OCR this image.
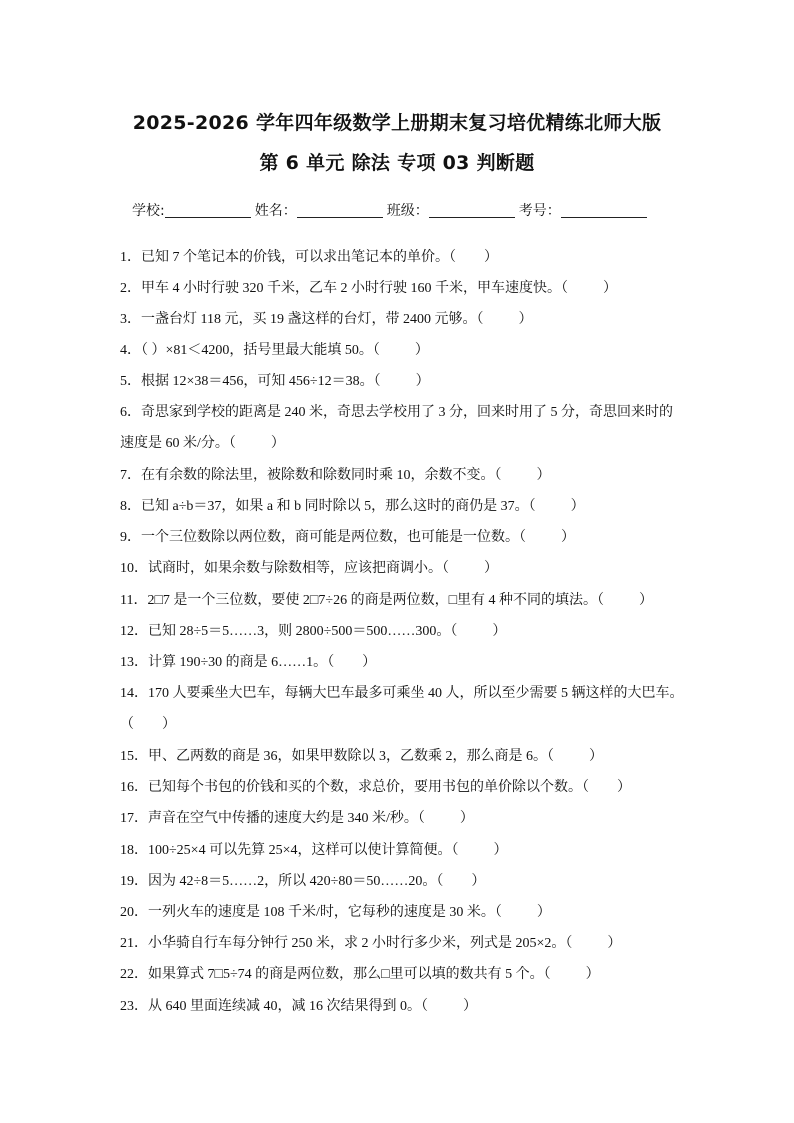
2025-2026 学年四年级数学上册期末复习培优精练北师大版
第 6 单元 除法 专项 03 判断题
学校:	姓名：	班级：	考号：
1．已知 7 个笔记本的价钱，可以求出笔记本的单价。（        ）
2．甲车 4 小时行驶 320 千米，乙车 2 小时行驶 160 千米，甲车速度快。（          ）
3．一盏台灯 118 元，买 19 盏这样的台灯，带 2400 元够。（          ）
4．（ ）×81＜4200，括号里最大能填 50。（          ）
5．根据 12×38＝456，可知 456÷12＝38。（          ）
6．奇思家到学校的距离是 240 米，奇思去学校用了 3 分，回来时用了 5 分，奇思回来时的
速度是 60 米/分。（          ）
7．在有余数的除法里，被除数和除数同时乘 10，余数不变。（          ）
8．已知 a÷b＝37，如果 a 和 b 同时除以 5，那么这时的商仍是 37。（          ）
9．一个三位数除以两位数，商可能是两位数，也可能是一位数。（          ）
10．试商时，如果余数与除数相等，应该把商调小。（          ）
11．2□7 是一个三位数，要使 2□7÷26 的商是两位数，□里有 4 种不同的填法。（          ）
12．已知 28÷5＝5……3，则 2800÷500＝500……300。（          ）
13．计算 190÷30 的商是 6……1。（        ）
14．170 人要乘坐大巴车，每辆大巴车最多可乘坐 40 人，所以至少需要 5 辆这样的大巴车。
（        ）
15．甲、乙两数的商是 36，如果甲数除以 3，乙数乘 2，那么商是 6。（          ）
16．已知每个书包的价钱和买的个数，求总价，要用书包的单价除以个数。（        ）
17．声音在空气中传播的速度大约是 340 米/秒。（          ）
18．100÷25×4 可以先算 25×4，这样可以使计算简便。（          ）
19．因为 42÷8＝5……2，所以 420÷80＝50……20。（        ）
20．一列火车的速度是 108 千米/时，它每秒的速度是 30 米。（          ）
21．小华骑自行车每分钟行 250 米，求 2 小时行多少米，列式是 205×2。（          ）
22．如果算式 7□5÷74 的商是两位数，那么□里可以填的数共有 5 个。（          ）
23．从 640 里面连续减 40，减 16 次结果得到 0。（          ）
